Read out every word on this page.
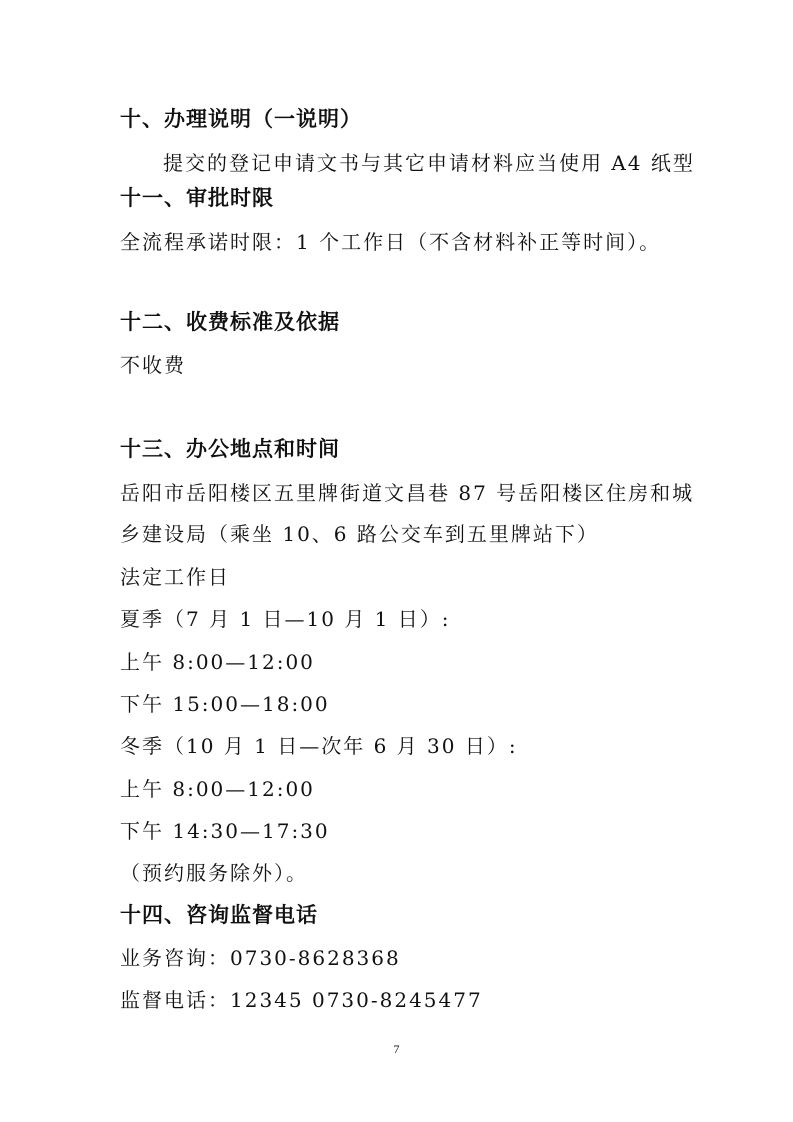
十、办理说明（一说明）
提交的登记申请文书与其它申请材料应当使用 A4 纸型
十一、审批时限
全流程承诺时限：1 个工作日（不含材料补正等时间）。
十二、收费标准及依据
不收费
十三、办公地点和时间
岳阳市岳阳楼区五里牌街道文昌巷 87 号岳阳楼区住房和城
乡建设局（乘坐 10、6 路公交车到五里牌站下）
法定工作日
夏季（7 月 1 日—10 月 1 日）:
上午 8:00—12:00
下午 15:00—18:00
冬季（10 月 1 日—次年 6 月 30 日）:
上午 8:00—12:00
下午 14:30—17:30
（预约服务除外）。
十四、咨询监督电话
业务咨询：0730-8628368
监督电话：12345 0730-8245477
7
